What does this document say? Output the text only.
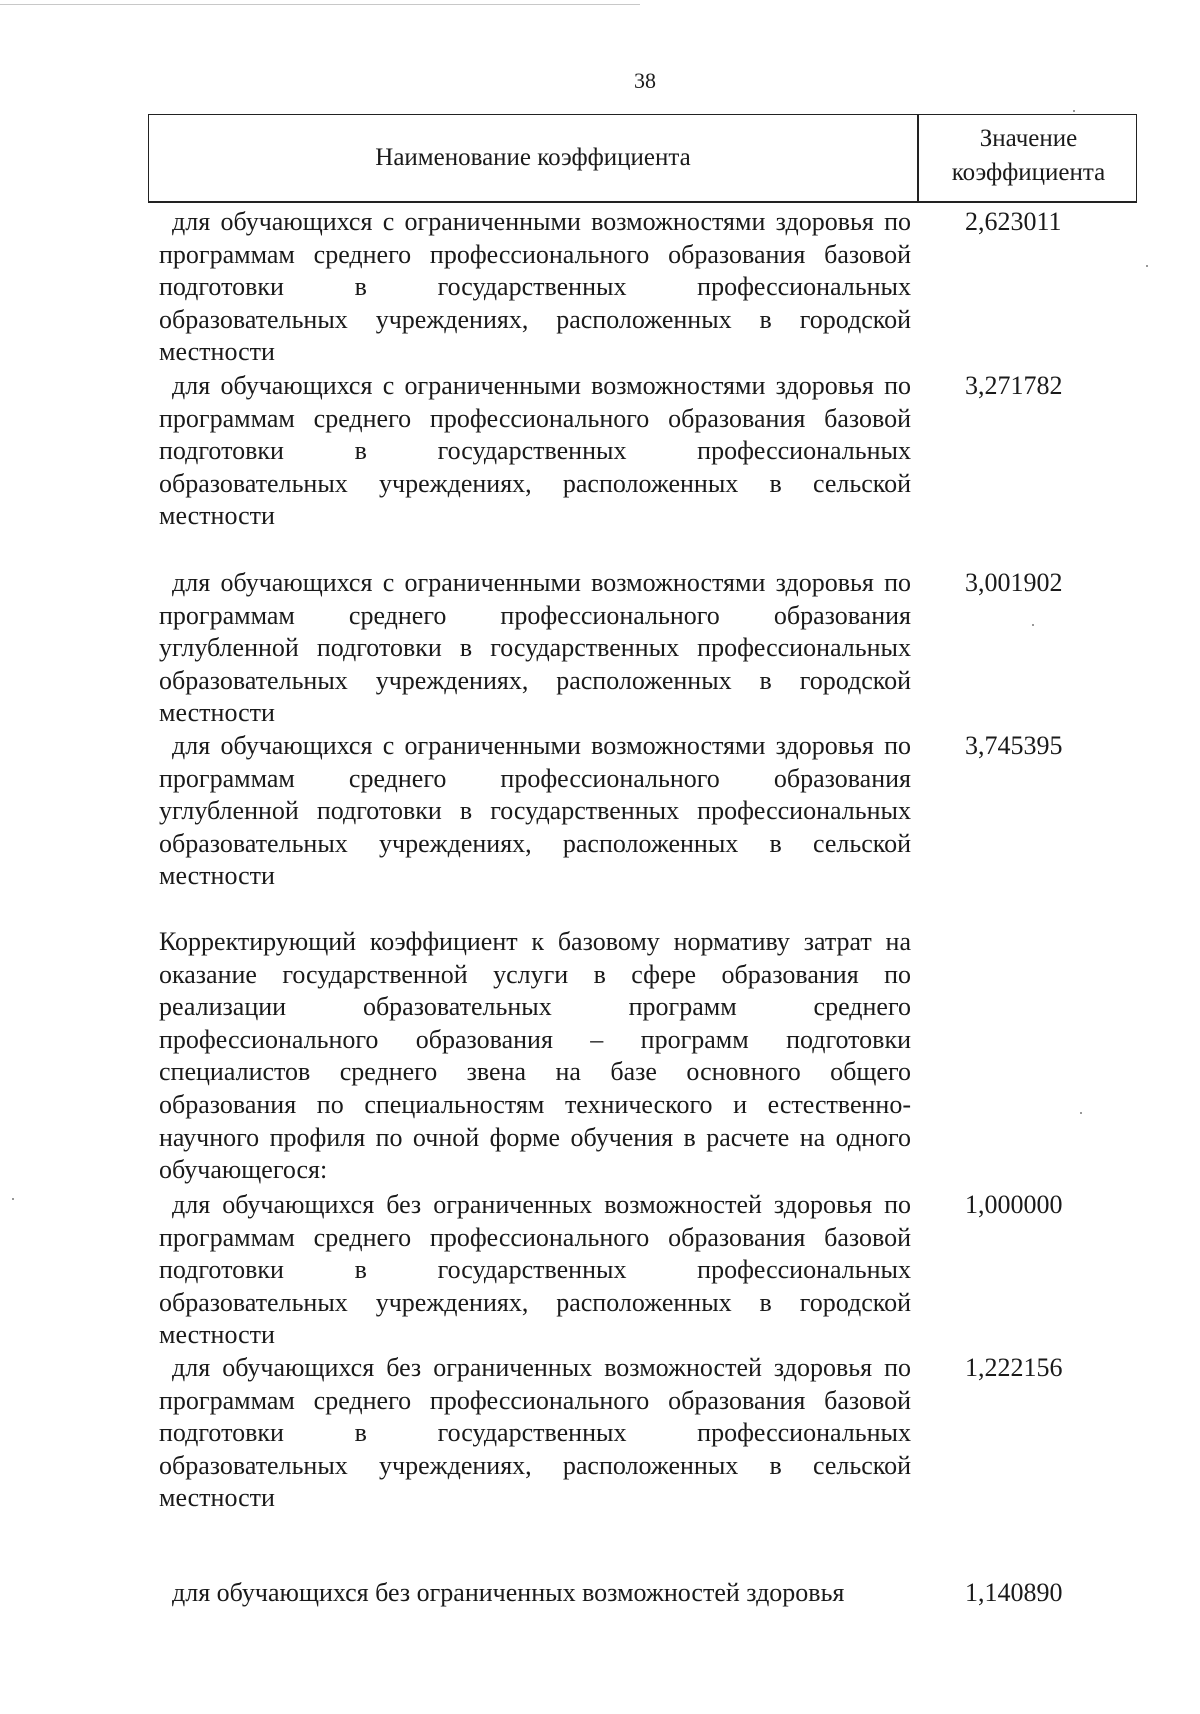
38
Наименование коэффициента
Значение
коэффициента
для обучающихся с ограниченными возможностями здоровья по программам среднего профессионального образования базовой подготовки в государственных профессиональных образовательных учреждениях, расположенных в городской местности
2,623011
для обучающихся с ограниченными возможностями здоровья по программам среднего профессионального образования базовой подготовки в государственных профессиональных образовательных учреждениях, расположенных в сельской местности
3,271782
для обучающихся с ограниченными возможностями здоровья по программам среднего профессионального образования углубленной подготовки в государственных профессиональных образовательных учреждениях, расположенных в городской местности
3,001902
для обучающихся с ограниченными возможностями здоровья по программам среднего профессионального образования углубленной подготовки в государственных профессиональных образовательных учреждениях, расположенных в сельской местности
3,745395
Корректирующий коэффициент к базовому нормативу затрат на оказание государственной услуги в сфере образования по реализации образовательных программ среднего профессионального образования – программ подготовки специалистов среднего звена на базе основного общего образования по специальностям технического и естественно-научного профиля по очной форме обучения в расчете на одного обучающегося:
для обучающихся без ограниченных возможностей здоровья по программам среднего профессионального образования базовой подготовки в государственных профессиональных образовательных учреждениях, расположенных в городской местности
1,000000
для обучающихся без ограниченных возможностей здоровья по программам среднего профессионального образования базовой подготовки в государственных профессиональных образовательных учреждениях, расположенных в сельской местности
1,222156
для обучающихся без ограниченных возможностей здоровья	1,140890
